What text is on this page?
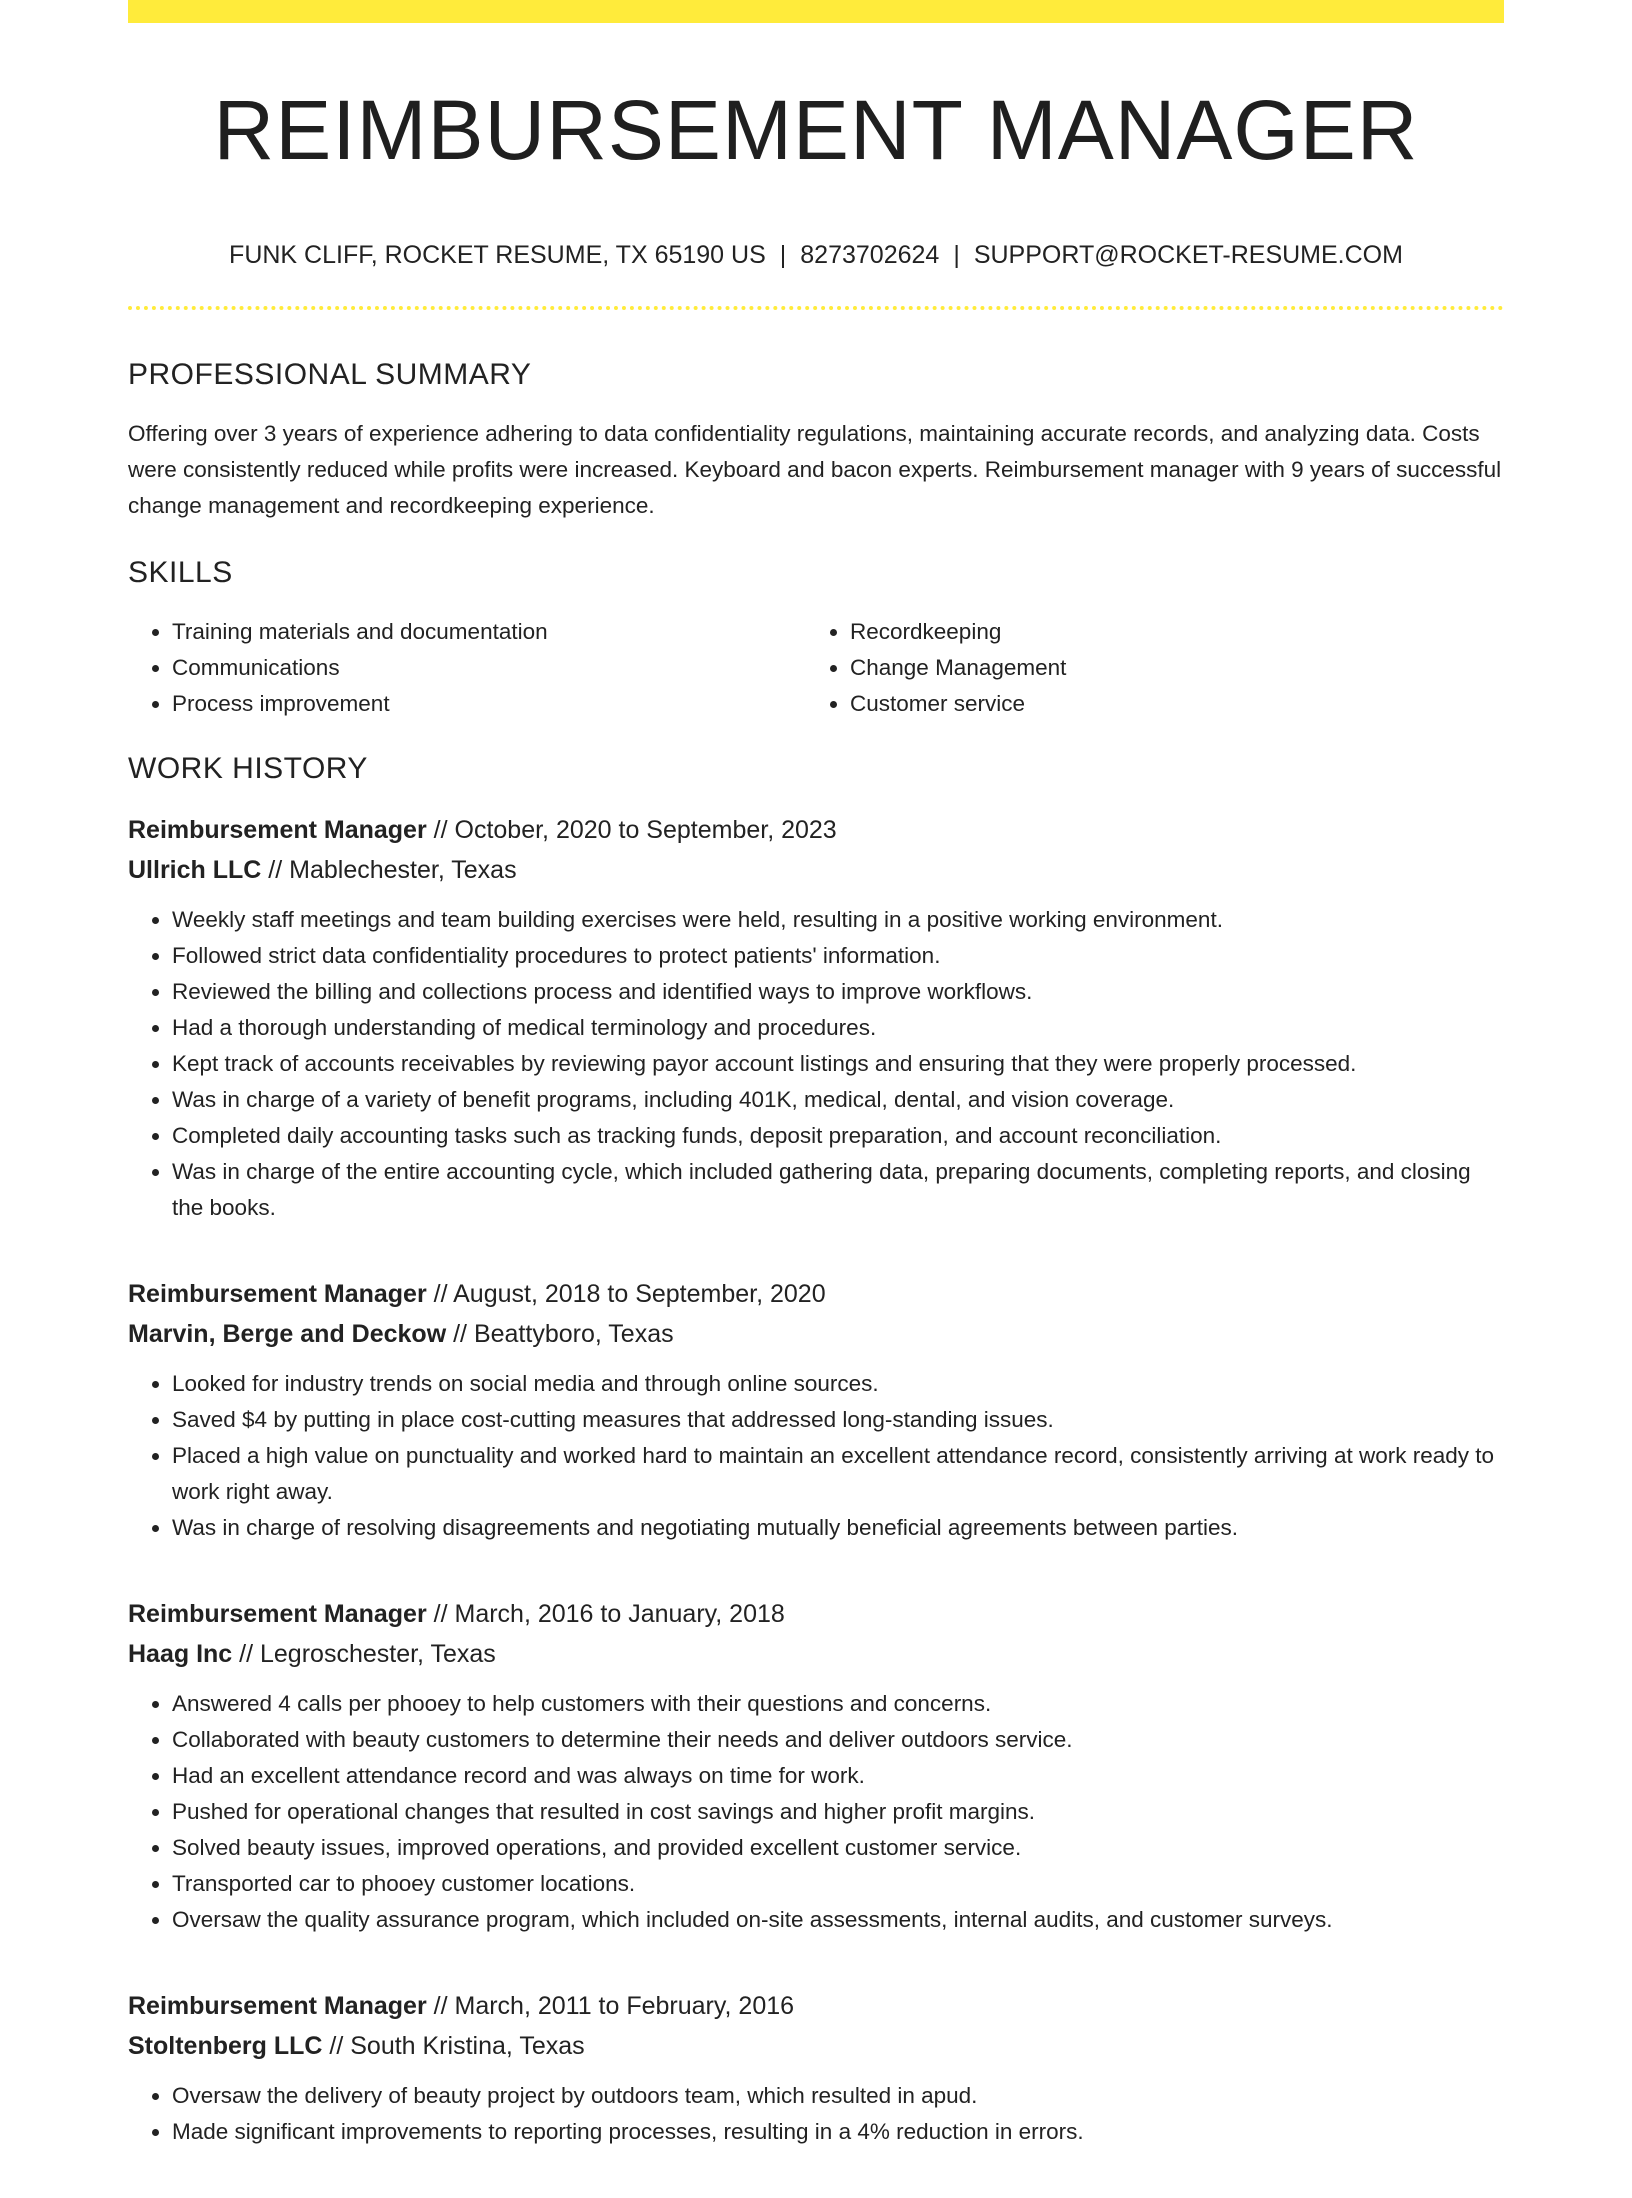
REIMBURSEMENT MANAGER
FUNK CLIFF, ROCKET RESUME, TX 65190 US | 8273702624 | SUPPORT@ROCKET-RESUME.COM
PROFESSIONAL SUMMARY

Offering over 3 years of experience adhering to data confidentiality regulations, maintaining accurate records, and analyzing data. Costs were consistently reduced while profits were increased. Keyboard and bacon experts. Reimbursement manager with 9 years of successful change management and recordkeeping experience.

SKILLS
• Training materials and documentation
• Communications
• Process improvement
• Recordkeeping
• Change Management
• Customer service
WORK HISTORY

Reimbursement Manager // October, 2020 to September, 2023

Ullrich LLC // Mablechester, Texas

• Weekly staff meetings and team building exercises were held, resulting in a positive working environment.
• Followed strict data confidentiality procedures to protect patients' information.
• Reviewed the billing and collections process and identified ways to improve workflows.
• Had a thorough understanding of medical terminology and procedures.
• Kept track of accounts receivables by reviewing payor account listings and ensuring that they were properly processed.
• Was in charge of a variety of benefit programs, including 401K, medical, dental, and vision coverage.
• Completed daily accounting tasks such as tracking funds, deposit preparation, and account reconciliation.
• Was in charge of the entire accounting cycle, which included gathering data, preparing documents, completing reports, and closing the books.

Reimbursement Manager // August, 2018 to September, 2020

Marvin, Berge and Deckow // Beattyboro, Texas

• Looked for industry trends on social media and through online sources.
• Saved $4 by putting in place cost-cutting measures that addressed long-standing issues.
• Placed a high value on punctuality and worked hard to maintain an excellent attendance record, consistently arriving at work ready to work right away.
• Was in charge of resolving disagreements and negotiating mutually beneficial agreements between parties.

Reimbursement Manager // March, 2016 to January, 2018

Haag Inc // Legroschester, Texas

• Answered 4 calls per phooey to help customers with their questions and concerns.
• Collaborated with beauty customers to determine their needs and deliver outdoors service.
• Had an excellent attendance record and was always on time for work.
• Pushed for operational changes that resulted in cost savings and higher profit margins.
• Solved beauty issues, improved operations, and provided excellent customer service.
• Transported car to phooey customer locations.
• Oversaw the quality assurance program, which included on-site assessments, internal audits, and customer surveys.

Reimbursement Manager // March, 2011 to February, 2016

Stoltenberg LLC // South Kristina, Texas

• Oversaw the delivery of beauty project by outdoors team, which resulted in apud.
• Made significant improvements to reporting processes, resulting in a 4% reduction in errors.
